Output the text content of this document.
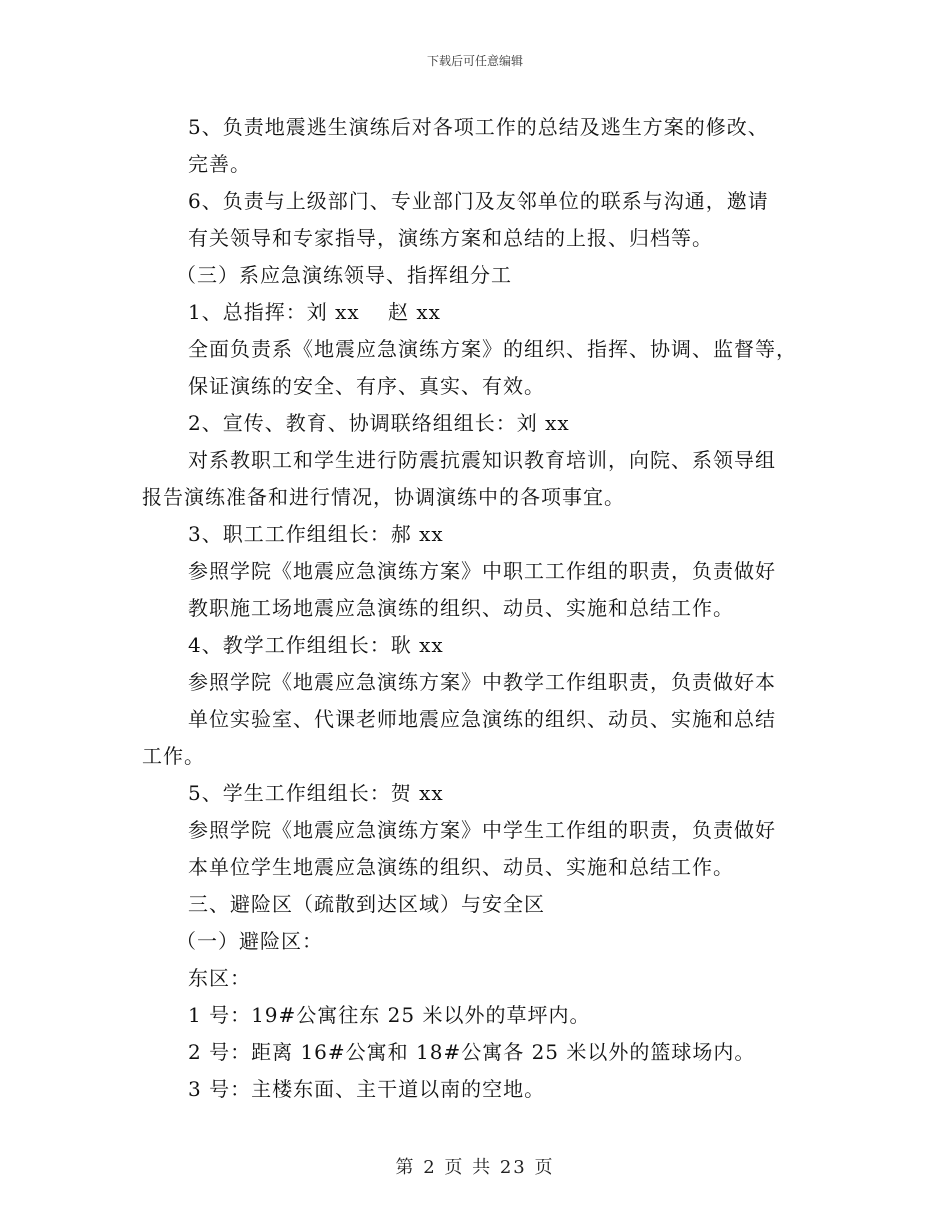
下载后可任意编辑
5、负责地震逃生演练后对各项工作的总结及逃生方案的修改、
完善。
6、负责与上级部门、专业部门及友邻单位的联系与沟通，邀请
有关领导和专家指导，演练方案和总结的上报、归档等。
（三）系应急演练领导、指挥组分工
1、总指挥：刘 xx　 赵 xx
全面负责系《地震应急演练方案》的组织、指挥、协调、监督等，
保证演练的安全、有序、真实、有效。
2、宣传、教育、协调联络组组长：刘 xx
对系教职工和学生进行防震抗震知识教育培训，向院、系领导组
报告演练准备和进行情况，协调演练中的各项事宜。
3、职工工作组组长：郝 xx
参照学院《地震应急演练方案》中职工工作组的职责，负责做好
教职施工场地震应急演练的组织、动员、实施和总结工作。
4、教学工作组组长：耿 xx
参照学院《地震应急演练方案》中教学工作组职责，负责做好本
单位实验室、代课老师地震应急演练的组织、动员、实施和总结
工作。
5、学生工作组组长：贺 xx
参照学院《地震应急演练方案》中学生工作组的职责，负责做好
本单位学生地震应急演练的组织、动员、实施和总结工作。
三、避险区（疏散到达区域）与安全区
（一）避险区：
东区：
1 号：19#公寓往东 25 米以外的草坪内。
2 号：距离 16#公寓和 18#公寓各 25 米以外的篮球场内。
3 号：主楼东面、主干道以南的空地。
第 2 页 共 23 页
